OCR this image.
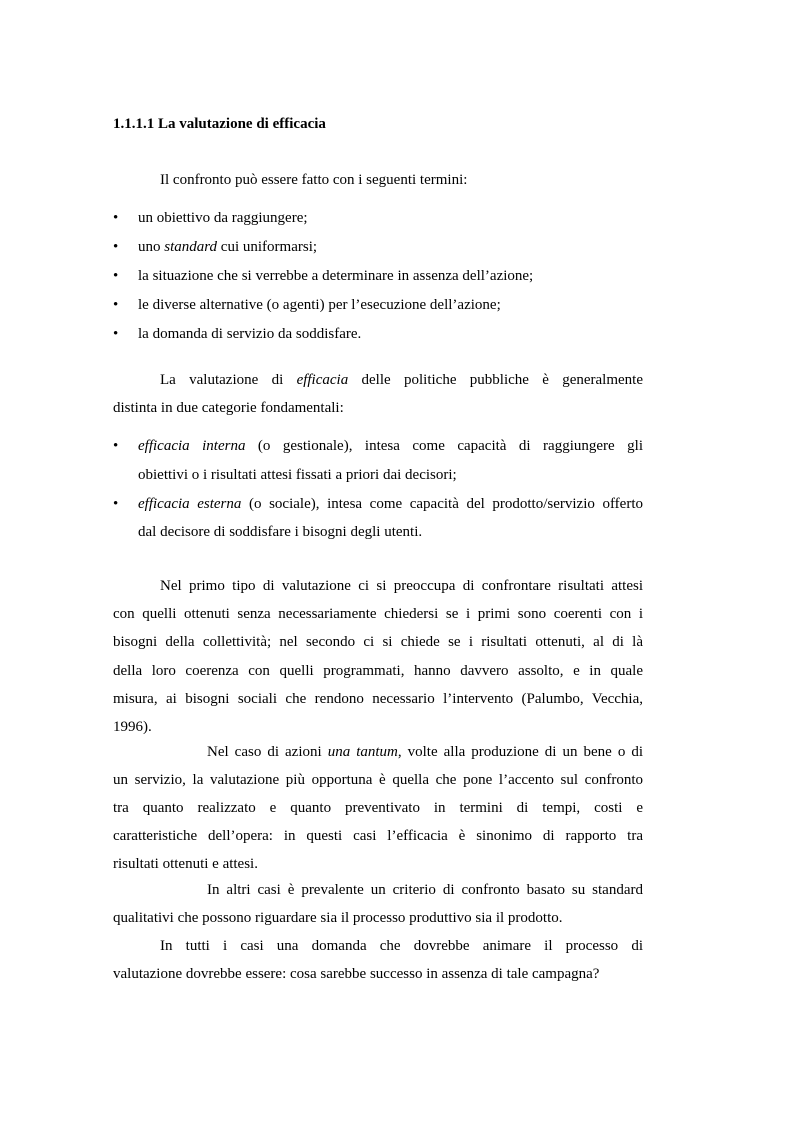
1.1.1.1 La valutazione di efficacia
Il confronto può essere fatto con i seguenti termini:
•	un obiettivo da raggiungere;
•	uno standard cui uniformarsi;
•	la situazione che si verrebbe a determinare in assenza dell’azione;
•	le diverse alternative (o agenti) per l’esecuzione dell’azione;
•	la domanda di servizio da soddisfare.
La valutazione di efficacia delle politiche pubbliche è generalmente
distinta in due categorie fondamentali:
•	efficacia interna (o gestionale), intesa come capacità di raggiungere gli
obiettivi o i risultati attesi fissati a priori dai decisori;
•	efficacia esterna (o sociale), intesa come capacità del prodotto/servizio offerto
dal decisore di soddisfare i bisogni degli utenti.
Nel primo tipo di valutazione ci si preoccupa di confrontare risultati attesi
con quelli ottenuti senza necessariamente chiedersi se i primi sono coerenti con i
bisogni della collettività; nel secondo ci si chiede se i risultati ottenuti, al di là
della loro coerenza con quelli programmati, hanno davvero assolto, e in quale
misura, ai bisogni sociali che rendono necessario l’intervento (Palumbo, Vecchia,
1996).
Nel caso di azioni una tantum, volte alla produzione di un bene o di
un servizio, la valutazione più opportuna è quella che pone l’accento sul confronto
tra quanto realizzato e quanto preventivato in termini di tempi, costi e
caratteristiche dell’opera: in questi casi l’efficacia è sinonimo di rapporto tra
risultati ottenuti e attesi.
In altri casi è prevalente un criterio di confronto basato su standard
qualitativi che possono riguardare sia il processo produttivo sia il prodotto.
In tutti i casi una domanda che dovrebbe animare il processo di
valutazione dovrebbe essere: cosa sarebbe successo in assenza di tale campagna?
